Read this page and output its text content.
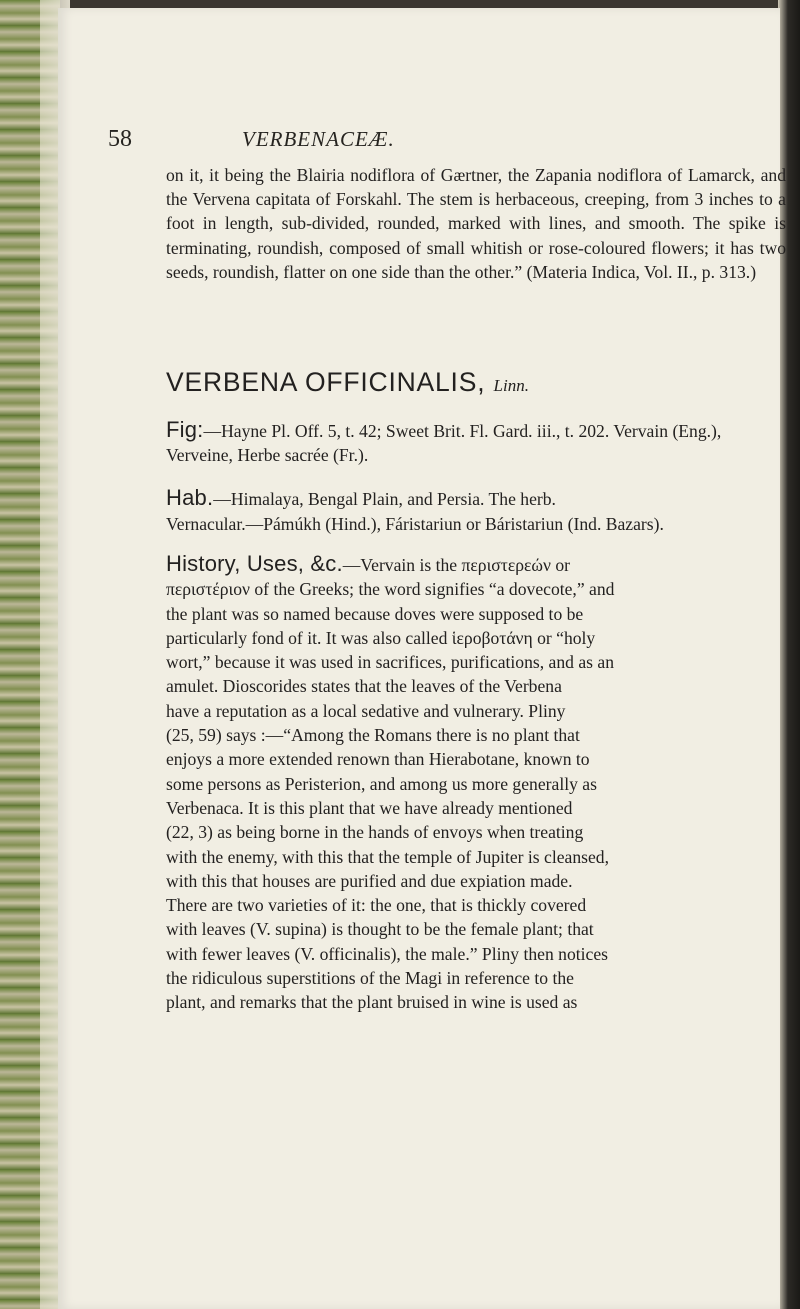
58	VERBENACEÆ.
on it, it being the Blairia nodiflora of Gærtner, the Zapania nodiflora of Lamarck, and the Vervena capitata of Forskahl. The stem is herbaceous, creeping, from 3 inches to a foot in length, sub-divided, rounded, marked with lines, and smooth. The spike is terminating, roundish, composed of small whitish or rose-coloured flowers; it has two seeds, roundish, flatter on one side than the other.” (Materia Indica, Vol. II., p. 313.)
VERBENA OFFICINALIS, Linn.
Fig:—Hayne Pl. Off. 5, t. 42; Sweet Brit. Fl. Gard. iii., t. 202. Vervain (Eng.), Verveine, Herbe sacrée (Fr.).
Hab.—Himalaya, Bengal Plain, and Persia. The herb.
Vernacular.—Pámúkh (Hind.), Fáristariun or Báristariun (Ind. Bazars).
History, Uses, &c.—Vervain is the περιστερεών or
περιστέριον of the Greeks; the word signifies “a dovecote,” and
the plant was so named because doves were supposed to be
particularly fond of it. It was also called ἱεροβοτάνη or “holy
wort,” because it was used in sacrifices, purifications, and as an
amulet. Dioscorides states that the leaves of the Verbena
have a reputation as a local sedative and vulnerary. Pliny
(25, 59) says :—“Among the Romans there is no plant that
enjoys a more extended renown than Hierabotane, known to
some persons as Peristerion, and among us more generally as
Verbenaca. It is this plant that we have already mentioned
(22, 3) as being borne in the hands of envoys when treating
with the enemy, with this that the temple of Jupiter is cleansed,
with this that houses are purified and due expiation made.
There are two varieties of it: the one, that is thickly covered
with leaves (V. supina) is thought to be the female plant; that
with fewer leaves (V. officinalis), the male.” Pliny then notices
the ridiculous superstitions of the Magi in reference to the
plant, and remarks that the plant bruised in wine is used as
